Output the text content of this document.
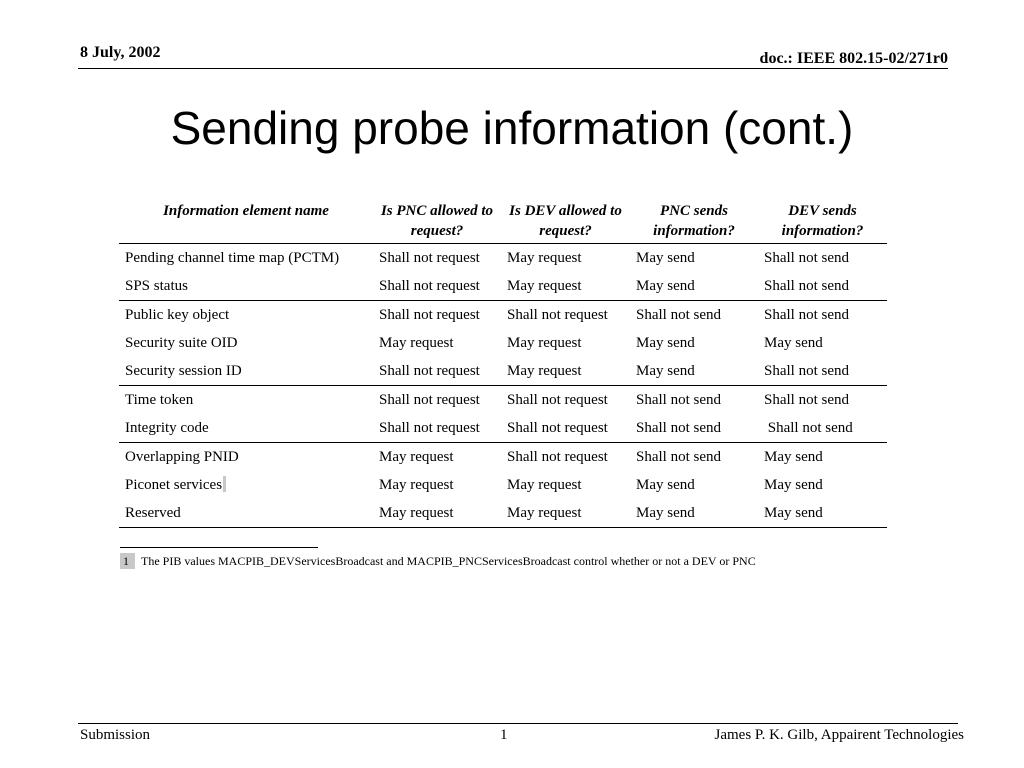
8 July, 2002	doc.: IEEE 802.15-02/271r0
Sending probe information (cont.)
Information element name	Is PNC allowed to request?	Is DEV allowed to request?	PNC sends information?	DEV sends information?
Pending channel time map (PCTM)	Shall not request	May request	May send	Shall not send
SPS status	Shall not request	May request	May send	Shall not send
Public key object	Shall not request	Shall not request	Shall not send	Shall not send
Security suite OID	May request	May request	May send	May send
Security session ID	Shall not request	May request	May send	Shall not send
Time token	Shall not request	Shall not request	Shall not send	Shall not send
Integrity code	Shall not request	Shall not request	Shall not send	Shall not send
Overlapping PNID	May request	Shall not request	Shall not send	May send
Piconet services	May request	May request	May send	May send
Reserved	May request	May request	May send	May send
1 The PIB values MACPIB_DEVServicesBroadcast and MACPIB_PNCServicesBroadcast control whether or not a DEV or PNC
Submission	1	James P. K. Gilb, Appairent Technologies
